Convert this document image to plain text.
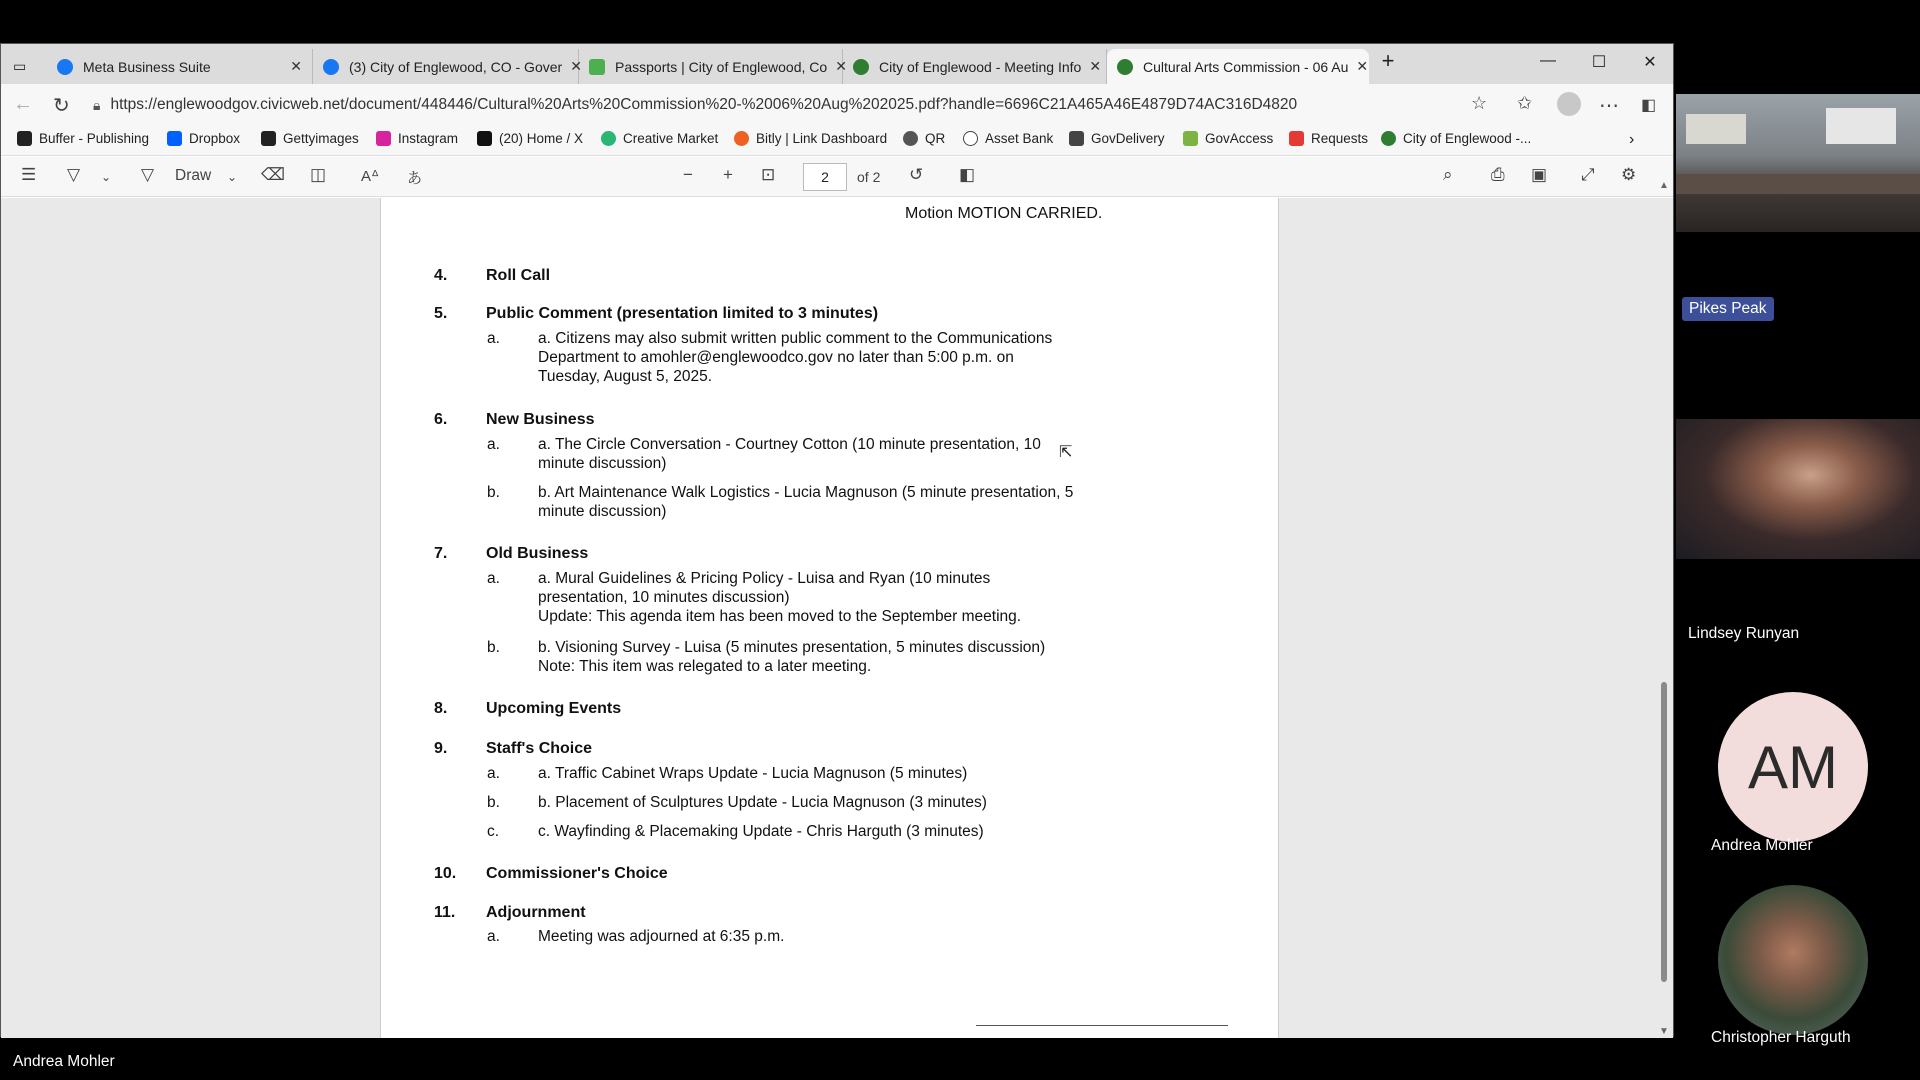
▭	Meta Business Suite	✕	(3) City of Englewood, CO - Gover ✕ Passports | City of Englewood, Co ✕ City of Englewood - Meeting Info ✕	Cultural Arts Commission - 06 Au ✕ +	—	☐	✕
← ↻ 🔒︎ https://englewoodgov.civicweb.net/document/448446/Cultural%20Arts%20Commission%20-%2006%20Aug%202025.pdf?handle=6696C21A465A46E4879D74AC316D4820	☆ ✩	⋯ ◧
Buffer - Publishing	Dropbox	Gettyimages	Instagram	(20) Home / X	Creative Market	Bitly | Link Dashboard	QR	Asset Bank	GovDelivery	GovAccess	Requests	City of Englewood -...	›
☰ ▽ ⌄ ▽ Draw ⌄ ⌫ ◫ Aᐞ あ	− + ⊡	2	of 2 ↺ ◧	⌕ ⎙ ▣ ⤢ ⚙
Motion MOTION CARRIED.
4. Roll Call
5. Public Comment (presentation limited to 3 minutes)
a. a. Citizens may also submit written public comment to the Communications
Department to amohler@englewoodco.gov no later than 5:00 p.m. on
Tuesday, August 5, 2025.
6. New Business
a. a. The Circle Conversation - Courtney Cotton (10 minute presentation, 10
minute discussion)
b. b. Art Maintenance Walk Logistics - Lucia Magnuson (5 minute presentation, 5
minute discussion)
7. Old Business
a. a. Mural Guidelines & Pricing Policy - Luisa and Ryan (10 minutes
presentation, 10 minutes discussion)
Update: This agenda item has been moved to the September meeting.
b. b. Visioning Survey - Luisa (5 minutes presentation, 5 minutes discussion)
Note: This item was relegated to a later meeting.
8. Upcoming Events
9. Staff's Choice
a. a. Traffic Cabinet Wraps Update - Lucia Magnuson (5 minutes)
b. b. Placement of Sculptures Update - Lucia Magnuson (3 minutes)
c.	c. Wayfinding & Placemaking Update - Chris Harguth (3 minutes)
10. Commissioner's Choice
11. Adjournment
a. Meeting was adjourned at 6:35 p.m.
▲
▼
⇱
Pikes Peak
Lindsey Runyan
AM
Andrea Mohler
Christopher Harguth
Andrea Mohler
